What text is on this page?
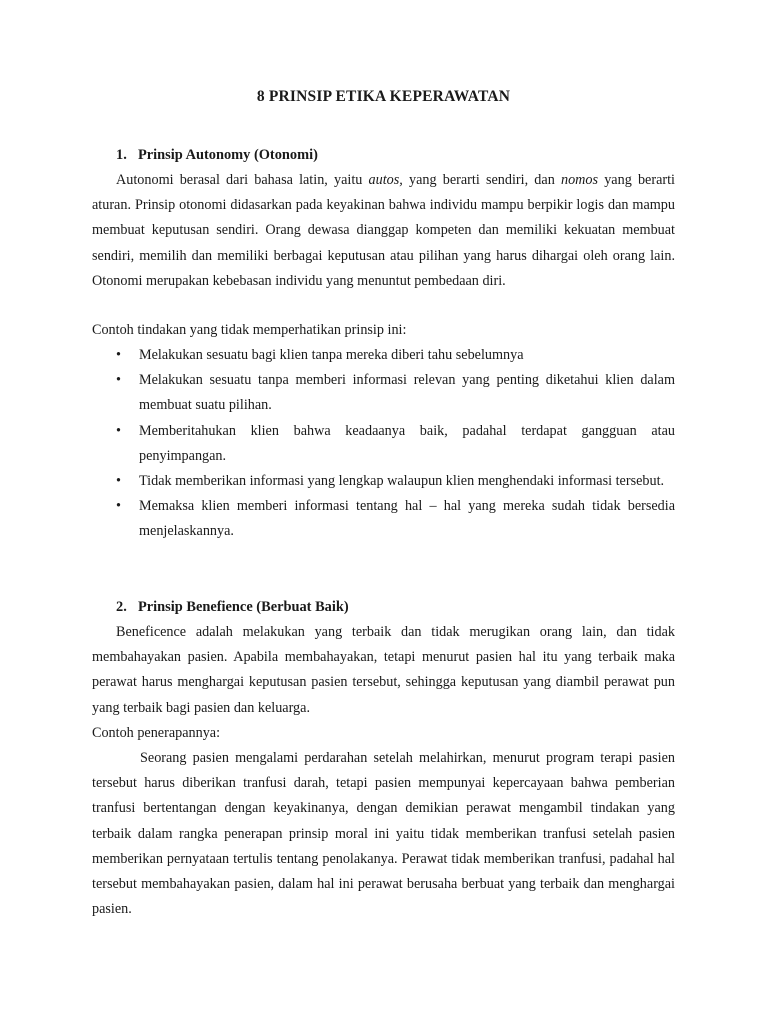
8 PRINSIP ETIKA KEPERAWATAN
1. Prinsip Autonomy (Otonomi)
Autonomi berasal dari bahasa latin, yaitu autos, yang berarti sendiri, dan nomos yang berarti aturan. Prinsip otonomi didasarkan pada keyakinan bahwa individu mampu berpikir logis dan mampu membuat keputusan sendiri. Orang dewasa dianggap kompeten dan memiliki kekuatan membuat sendiri, memilih dan memiliki berbagai keputusan atau pilihan yang harus dihargai oleh orang lain. Otonomi merupakan kebebasan individu yang menuntut pembedaan diri.
Contoh tindakan yang tidak memperhatikan prinsip ini:
• Melakukan sesuatu bagi klien tanpa mereka diberi tahu sebelumnya
• Melakukan sesuatu tanpa memberi informasi relevan yang penting diketahui klien dalam membuat suatu pilihan.
• Memberitahukan klien bahwa keadaanya baik, padahal terdapat gangguan atau penyimpangan.
• Tidak memberikan informasi yang lengkap walaupun klien menghendaki informasi tersebut.
• Memaksa klien memberi informasi tentang hal – hal yang mereka sudah tidak bersedia menjelaskannya.
2. Prinsip Benefience (Berbuat Baik)
Beneficence adalah melakukan yang terbaik dan tidak merugikan orang lain, dan tidak membahayakan pasien. Apabila membahayakan, tetapi menurut pasien hal itu yang terbaik maka perawat harus menghargai keputusan pasien tersebut, sehingga keputusan yang diambil perawat pun yang terbaik bagi pasien dan keluarga.
Contoh penerapannya:
Seorang pasien mengalami perdarahan setelah melahirkan, menurut program terapi pasien tersebut harus diberikan tranfusi darah, tetapi pasien mempunyai kepercayaan bahwa pemberian tranfusi bertentangan dengan keyakinanya, dengan demikian perawat mengambil tindakan yang terbaik dalam rangka penerapan prinsip moral ini yaitu tidak memberikan tranfusi setelah pasien memberikan pernyataan tertulis tentang penolakanya. Perawat tidak memberikan tranfusi, padahal hal tersebut membahayakan pasien, dalam hal ini perawat berusaha berbuat yang terbaik dan menghargai pasien.
